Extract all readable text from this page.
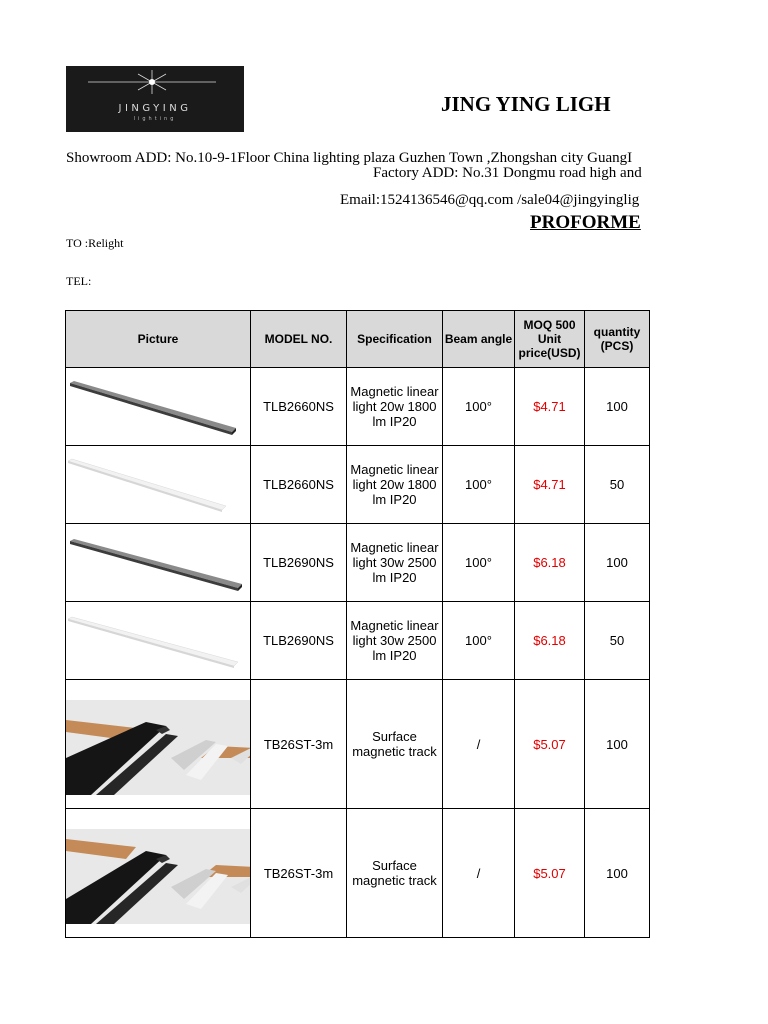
JINGYING
lighting
JING YING LIGH
Showroom ADD: No.10-9-1Floor China lighting plaza Guzhen Town ,Zhongshan city GuangI
Factory ADD: No.31 Dongmu road high and
Email:1524136546@qq.com /sale04@jingyinglig
PROFORME
TO :Relight
TEL:
Picture	MODEL NO.	Specification	Beam angle	MOQ 500 Unit price(USD)	quantity (PCS)

	TLB2660NS	Magnetic linear light 20w 1800 lm IP20	100°	$4.71	100

	TLB2660NS	Magnetic linear light 20w 1800 lm IP20	100°	$4.71	50

	TLB2690NS	Magnetic linear light 30w 2500 lm IP20	100°	$6.18	100

	TLB2690NS	Magnetic linear light 30w 2500 lm IP20	100°	$6.18	50

	TB26ST-3m	Surface magnetic track	/	$5.07	100

	TB26ST-3m	Surface magnetic track	/	$5.07	100
